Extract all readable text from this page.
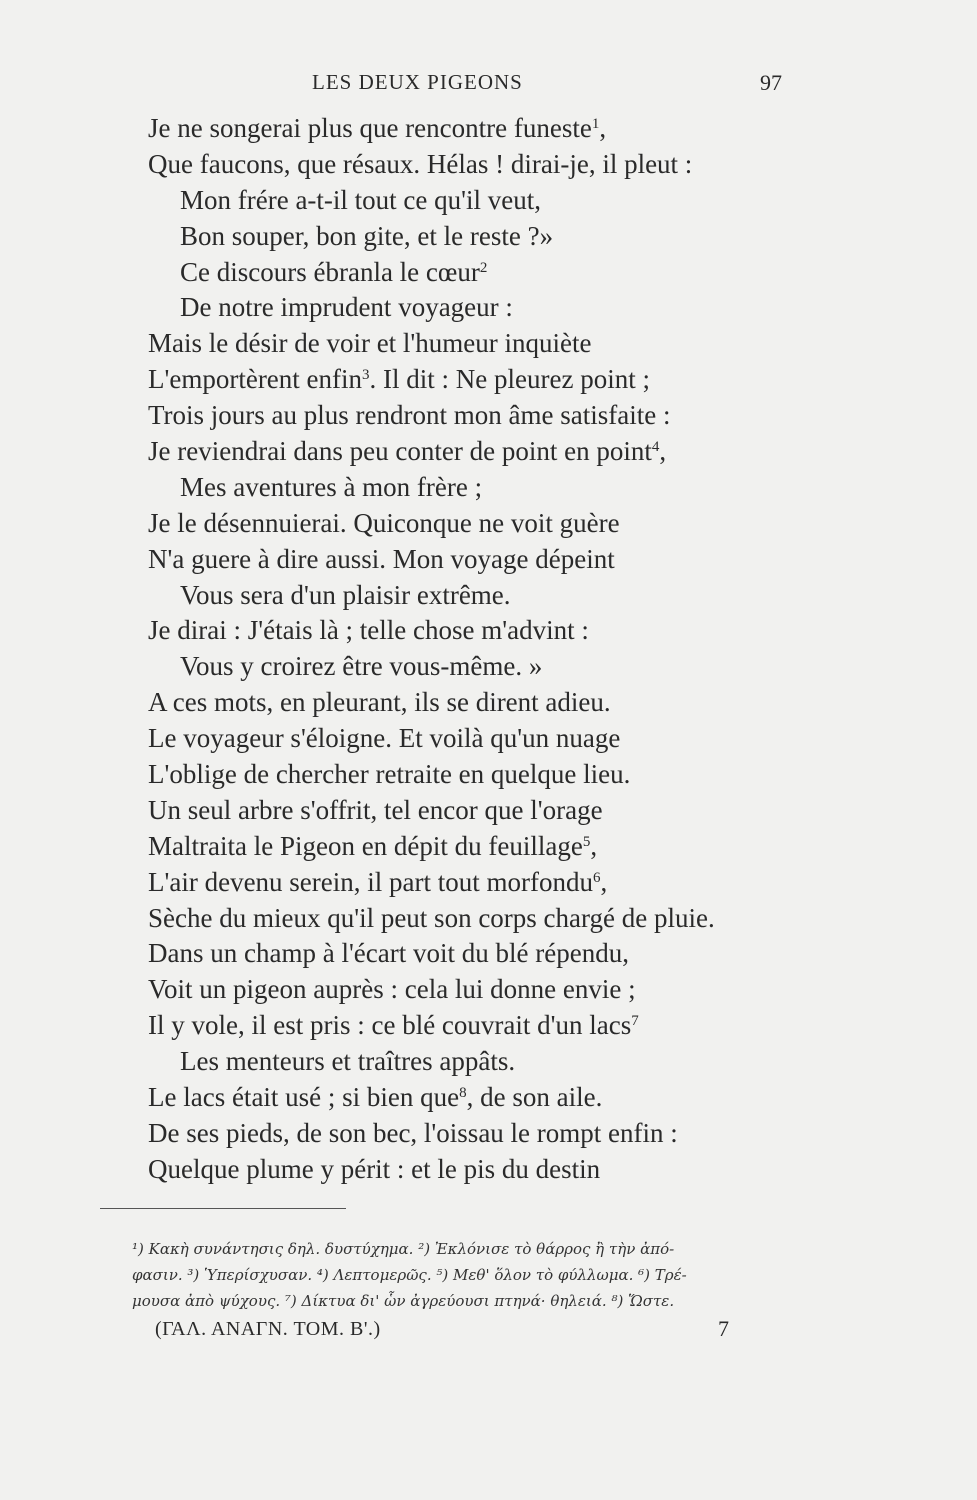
LES DEUX PIGEONS	97
Je ne songerai plus que rencontre funeste$^1$,
Que faucons, que résaux. Hélas ! dirai-je, il pleut :
Mon frére a-t-il tout ce qu'il veut,
Bon souper, bon gite, et le reste ?»
Ce discours ébranla le cœur$^2$
De notre imprudent voyageur :
Mais le désir de voir et l'humeur inquiète
L'emportèrent enfin$^3$. Il dit : Ne pleurez point ;
Trois jours au plus rendront mon âme satisfaite :
Je reviendrai dans peu conter de point en point$^4$,
Mes aventures à mon frère ;
Je le désennuierai. Quiconque ne voit guère
N'a guere à dire aussi. Mon voyage dépeint
Vous sera d'un plaisir extrême.
Je dirai : J'étais là ; telle chose m'advint :
Vous y croirez être vous-même. »
A ces mots, en pleurant, ils se dirent adieu.
Le voyageur s'éloigne. Et voilà qu'un nuage
L'oblige de chercher retraite en quelque lieu.
Un seul arbre s'offrit, tel encor que l'orage
Maltraita le Pigeon en dépit du feuillage$^5$,
L'air devenu serein, il part tout morfondu$^6$,
Sèche du mieux qu'il peut son corps chargé de pluie.
Dans un champ à l'écart voit du blé répendu,
Voit un pigeon auprès : cela lui donne envie ;
Il y vole, il est pris : ce blé couvrait d'un lacs$^7$
Les menteurs et traîtres appâts.
Le lacs était usé ; si bien que$^8$, de son aile.
De ses pieds, de son bec, l'oissau le rompt enfin :
Quelque plume y périt : et le pis du destin
¹) Κακὴ συνάντησις δηλ. δυστύχημα. ²) Ἐκλόνισε τὸ θάρρος ἢ τὴν ἀπό-
φασιν. ³) Ὑπερίσχυσαν. ⁴) Λεπτομερῶς. ⁵) Μεθ' ὅλον τὸ φύλλωμα. ⁶) Τρέ-
μουσα ἀπὸ ψύχους. ⁷) Δίκτυα δι' ὧν ἀγρεύουσι πτηνά· θηλειά. ⁸) Ὥστε.
(ΓΑΛ. ΑΝΑΓΝ. ΤΟΜ. Β'.)	7
